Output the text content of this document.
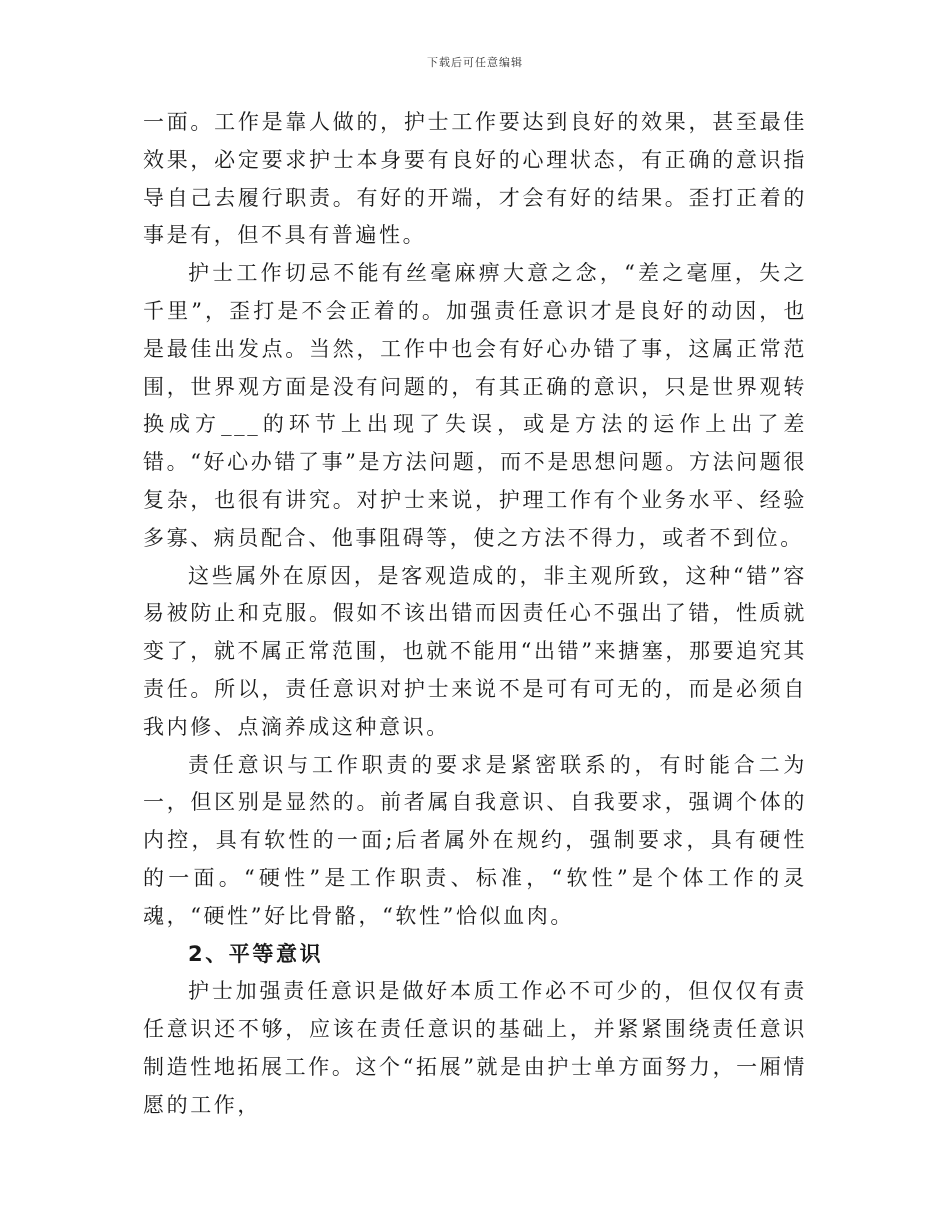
下载后可任意编辑

一面。工作是靠人做的，护士工作要达到良好的效果，甚至最佳效果，必定要求护士本身要有良好的心理状态，有正确的意识指导自己去履行职责。有好的开端，才会有好的结果。歪打正着的事是有，但不具有普遍性。

护士工作切忌不能有丝毫麻痹大意之念，“差之毫厘，失之千里”，歪打是不会正着的。加强责任意识才是良好的动因，也是最佳出发点。当然，工作中也会有好心办错了事，这属正常范围，世界观方面是没有问题的，有其正确的意识，只是世界观转换成方___的环节上出现了失误，或是方法的运作上出了差错。“好心办错了事”是方法问题，而不是思想问题。方法问题很复杂，也很有讲究。对护士来说，护理工作有个业务水平、经验多寡、病员配合、他事阻碍等，使之方法不得力，或者不到位。

这些属外在原因，是客观造成的，非主观所致，这种“错”容易被防止和克服。假如不该出错而因责任心不强出了错，性质就变了，就不属正常范围，也就不能用“出错”来搪塞，那要追究其责任。所以，责任意识对护士来说不是可有可无的，而是必须自我内修、点滴养成这种意识。

责任意识与工作职责的要求是紧密联系的，有时能合二为一，但区别是显然的。前者属自我意识、自我要求，强调个体的内控，具有软性的一面;后者属外在规约，强制要求，具有硬性的一面。“硬性”是工作职责、标准，“软性”是个体工作的灵魂，“硬性”好比骨骼，“软性”恰似血肉。

2、平等意识

护士加强责任意识是做好本质工作必不可少的，但仅仅有责任意识还不够，应该在责任意识的基础上，并紧紧围绕责任意识制造性地拓展工作。这个“拓展”就是由护士单方面努力，一厢情愿的工作，
